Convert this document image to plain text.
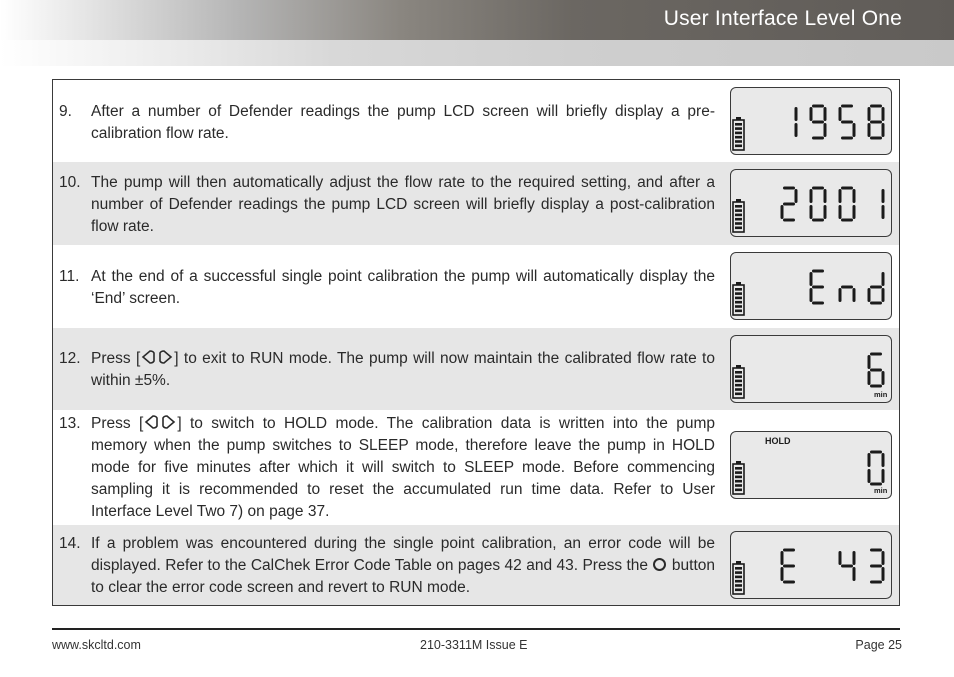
User Interface Level One
9. After a number of Defender readings the pump LCD screen will briefly display a pre-calibration flow rate.
10. The pump will then automatically adjust the flow rate to the required setting, and after a number of Defender readings the pump LCD screen will briefly display a post-calibration flow rate.
11. At the end of a successful single point calibration the pump will automatically display the ‘End’ screen.
12. Press [ ] to exit to RUN mode. The pump will now maintain the calibrated flow rate to within ±5%.
min
13. Press [ ] to switch to HOLD mode. The calibration data is written into the pump memory when the pump switches to SLEEP mode, therefore leave the pump in HOLD mode for five minutes after which it will switch to SLEEP mode. Before commencing sampling it is recommended to reset the accumulated run time data. Refer to User Interface Level Two 7) on page 37.
HOLD
min
14. If a problem was encountered during the single point calibration, an error code will be displayed. Refer to the CalChek Error Code Table on pages 42 and 43. Press the  button to clear the error code screen and revert to RUN mode.
www.skcltd.com	210-3311M Issue E	Page 25
